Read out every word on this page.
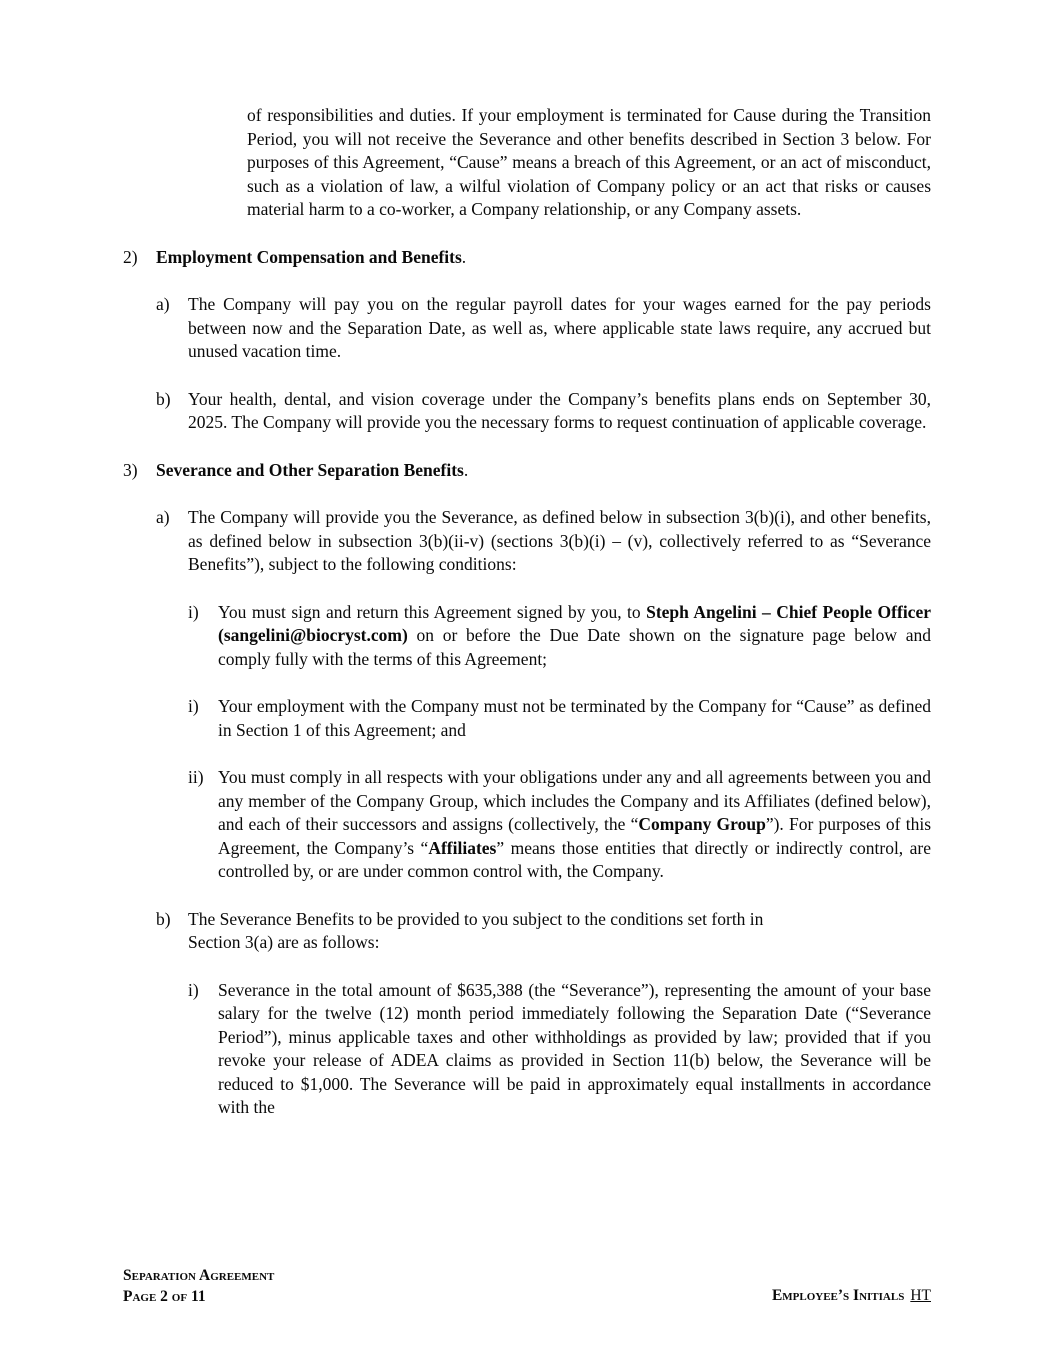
of responsibilities and duties. If your employment is terminated for Cause during the Transition Period, you will not receive the Severance and other benefits described in Section 3 below. For purposes of this Agreement, “Cause” means a breach of this Agreement, or an act of misconduct, such as a violation of law, a wilful violation of Company policy or an act that risks or causes material harm to a co-worker, a Company relationship, or any Company assets.

2) Employment Compensation and Benefits.
a) The Company will pay you on the regular payroll dates for your wages earned for the pay periods between now and the Separation Date, as well as, where applicable state laws require, any accrued but unused vacation time.
b) Your health, dental, and vision coverage under the Company’s benefits plans ends on September 30, 2025. The Company will provide you the necessary forms to request continuation of applicable coverage.
3) Severance and Other Separation Benefits.
a) The Company will provide you the Severance, as defined below in subsection 3(b)(i), and other benefits, as defined below in subsection 3(b)(ii-v) (sections 3(b)(i) – (v), collectively referred to as “Severance Benefits”), subject to the following conditions:
i) You must sign and return this Agreement signed by you, to Steph Angelini – Chief People Officer (sangelini@biocryst.com) on or before the Due Date shown on the signature page below and comply fully with the terms of this Agreement;
i) Your employment with the Company must not be terminated by the Company for “Cause” as defined in Section 1 of this Agreement; and
ii) You must comply in all respects with your obligations under any and all agreements between you and any member of the Company Group, which includes the Company and its Affiliates (defined below), and each of their successors and assigns (collectively, the “Company Group”). For purposes of this Agreement, the Company’s “Affiliates” means those entities that directly or indirectly control, are controlled by, or are under common control with, the Company.
b) The Severance Benefits to be provided to you subject to the conditions set forth in
Section 3(a) are as follows:
i) Severance in the total amount of $635,388 (the “Severance”), representing the amount of your base salary for the twelve (12) month period immediately following the Separation Date (“Severance Period”), minus applicable taxes and other withholdings as provided by law; provided that if you revoke your release of ADEA claims as provided in Section 11(b) below, the Severance will be reduced to $1,000. The Severance will be paid in approximately equal installments in accordance with the
Separation Agreement
Page 2 of 11	Employee’s Initials HT
